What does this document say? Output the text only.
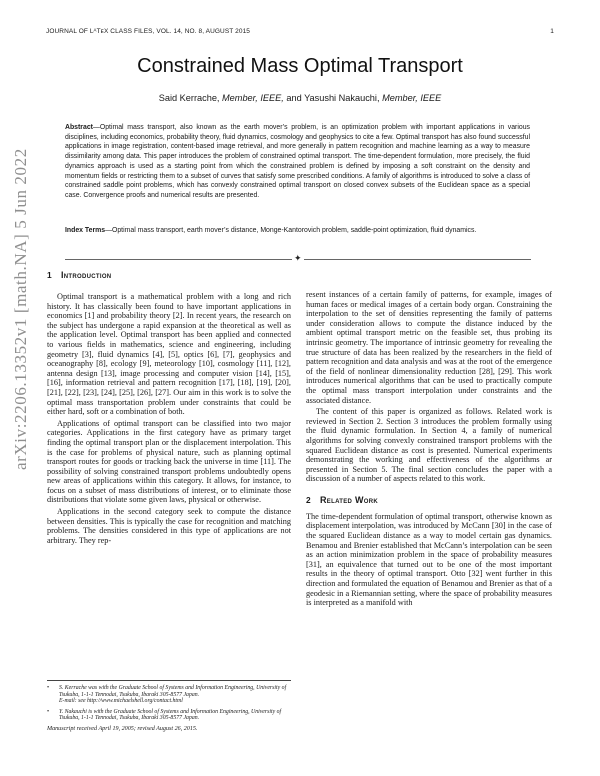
JOURNAL OF LᴬTᴇX CLASS FILES, VOL. 14, NO. 8, AUGUST 2015	1
arXiv:2206.13352v1 [math.NA] 5 Jun 2022
Constrained Mass Optimal Transport
Said Kerrache, Member, IEEE, and Yasushi Nakauchi, Member, IEEE

Abstract—Optimal mass transport, also known as the earth mover’s problem, is an optimization problem with important applications in various disciplines, including economics, probability theory, fluid dynamics, cosmology and geophysics to cite a few. Optimal transport has also found successful applications in image registration, content-based image retrieval, and more generally in pattern recognition and machine learning as a way to measure dissimilarity among data. This paper introduces the problem of constrained optimal transport. The time-dependent formulation, more precisely, the fluid dynamics approach is used as a starting point from which the constrained problem is defined by imposing a soft constraint on the density and momentum fields or restricting them to a subset of curves that satisfy some prescribed conditions. A family of algorithms is introduced to solve a class of constrained saddle point problems, which has convexly constrained optimal transport on closed convex subsets of the Euclidean space as a special case. Convergence proofs and numerical results are presented.

Index Terms—Optimal mass transport, earth mover’s distance, Monge-Kantorovich problem, saddle-point optimization, fluid dynamics.

✦
1 Introduction

Optimal transport is a mathematical problem with a long and rich history. It has classically been found to have important applications in economics [1] and probability theory [2]. In recent years, the research on the subject has undergone a rapid expansion at the theoretical as well as the application level. Optimal transport has been applied and connected to various fields in mathematics, science and engineering, including geometry [3], fluid dynamics [4], [5], optics [6], [7], geophysics and oceanography [8], ecology [9], meteorology [10], cosmology [11], [12], antenna design [13], image processing and computer vision [14], [15], [16], information retrieval and pattern recognition [17], [18], [19], [20], [21], [22], [23], [24], [25], [26], [27]. Our aim in this work is to solve the optimal mass transportation problem under constraints that could be either hard, soft or a combination of both.

Applications of optimal transport can be classified into two major categories. Applications in the first category have as primary target finding the optimal transport plan or the displacement interpolation. This is the case for problems of physical nature, such as planning optimal transport routes for goods or tracking back the universe in time [11]. The possibility of solving constrained transport problems undoubtedly opens new areas of applications within this category. It allows, for instance, to focus on a subset of mass distributions of interest, or to eliminate those distributions that violate some given laws, physical or otherwise.

Applications in the second category seek to compute the distance between densities. This is typically the case for recognition and matching problems. The densities considered in this type of applications are not arbitrary. They rep-

resent instances of a certain family of patterns, for example, images of human faces or medical images of a certain body organ. Constraining the interpolation to the set of densities representing the family of patterns under consideration allows to compute the distance induced by the ambient optimal transport metric on the feasible set, thus probing its intrinsic geometry. The importance of intrinsic geometry for revealing the true structure of data has been realized by the researchers in the field of pattern recognition and data analysis and was at the root of the emergence of the field of nonlinear dimensionality reduction [28], [29]. This work introduces numerical algorithms that can be used to practically compute the optimal mass transport interpolation under constraints and the associated distance.

The content of this paper is organized as follows. Related work is reviewed in Section 2. Section 3 introduces the problem formally using the fluid dynamic formulation. In Section 4, a family of numerical algorithms for solving convexly constrained transport problems with the squared Euclidean distance as cost is presented. Numerical experiments demonstrating the working and effectiveness of the algorithms ar presented in Section 5. The final section concludes the paper with a discussion of a number of aspects related to this work.

2 Related Work

The time-dependent formulation of optimal transport, otherwise known as displacement interpolation, was introduced by McCann [30] in the case of the squared Euclidean distance as a way to model certain gas dynamics. Benamou and Brenier established that McCann’s interpolation can be seen as an action minimization problem in the space of probability measures [31], an equivalence that turned out to be one of the most important results in the theory of optimal transport. Otto [32] went further in this direction and formulated the equation of Benamou and Brenier as that of a geodesic in a Riemannian setting, where the space of probability measures is interpreted as a manifold with

• S. Kerrache was with the Graduate School of Systems and Information Engineering, University of Tsukuba, 1-1-1 Tennodai, Tsukuba, Ibaraki 305-8577 Japan.
E-mail: see http://www.michaelshell.org/contact.html
• Y. Nakauchi is with the Graduate School of Systems and Information Engineering, University of Tsukuba, 1-1-1 Tennodai, Tsukuba, Ibaraki 305-8577 Japan.
Manuscript received April 19, 2005; revised August 26, 2015.
